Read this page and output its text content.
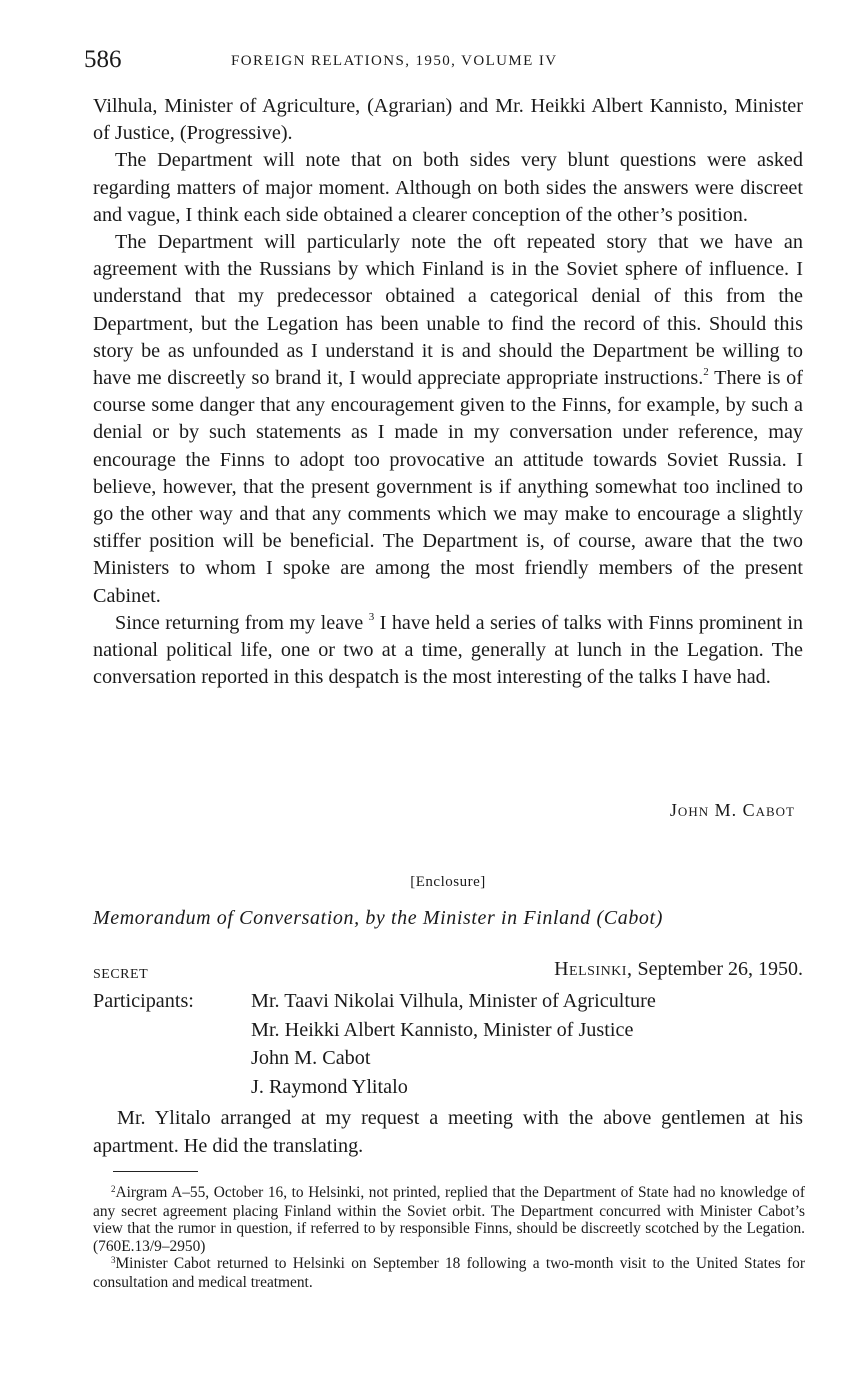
586	FOREIGN RELATIONS, 1950, VOLUME IV

Vilhula, Minister of Agriculture, (Agrarian) and Mr. Heikki Albert Kannisto, Minister of Justice, (Progressive).

The Department will note that on both sides very blunt questions were asked regarding matters of major moment. Although on both sides the answers were discreet and vague, I think each side obtained a clearer conception of the other’s position.

The Department will particularly note the oft repeated story that we have an agreement with the Russians by which Finland is in the Soviet sphere of influence. I understand that my predecessor obtained a categorical denial of this from the Department, but the Legation has been unable to find the record of this. Should this story be as unfounded as I understand it is and should the Department be willing to have me discreetly so brand it, I would appreciate appropriate instructions.$^2$ There is of course some danger that any encouragement given to the Finns, for example, by such a denial or by such statements as I made in my conversation under reference, may encourage the Finns to adopt too provocative an attitude towards Soviet Russia. I believe, however, that the present government is if anything somewhat too inclined to go the other way and that any comments which we may make to encourage a slightly stiffer position will be beneficial. The Department is, of course, aware that the two Ministers to whom I spoke are among the most friendly members of the present Cabinet.

Since returning from my leave $^3$ I have held a series of talks with Finns prominent in national political life, one or two at a time, generally at lunch in the Legation. The conversation reported in this despatch is the most interesting of the talks I have had.

John M. Cabot
[Enclosure]
Memorandum of Conversation, by the Minister in Finland (Cabot)
SECRET	Helsinki, September 26, 1950.
Participants:	Mr. Taavi Nikolai Vilhula, Minister of Agriculture
Mr. Heikki Albert Kannisto, Minister of Justice
John M. Cabot
J. Raymond Ylitalo
Mr. Ylitalo arranged at my request a meeting with the above gentlemen at his apartment. He did the translating.

$^2$Airgram A–55, October 16, to Helsinki, not printed, replied that the Department of State had no knowledge of any secret agreement placing Finland within the Soviet orbit. The Department concurred with Minister Cabot’s view that the rumor in question, if referred to by responsible Finns, should be discreetly scotched by the Legation. (760E.13/9–2950)

$^3$Minister Cabot returned to Helsinki on September 18 following a two-month visit to the United States for consultation and medical treatment.
